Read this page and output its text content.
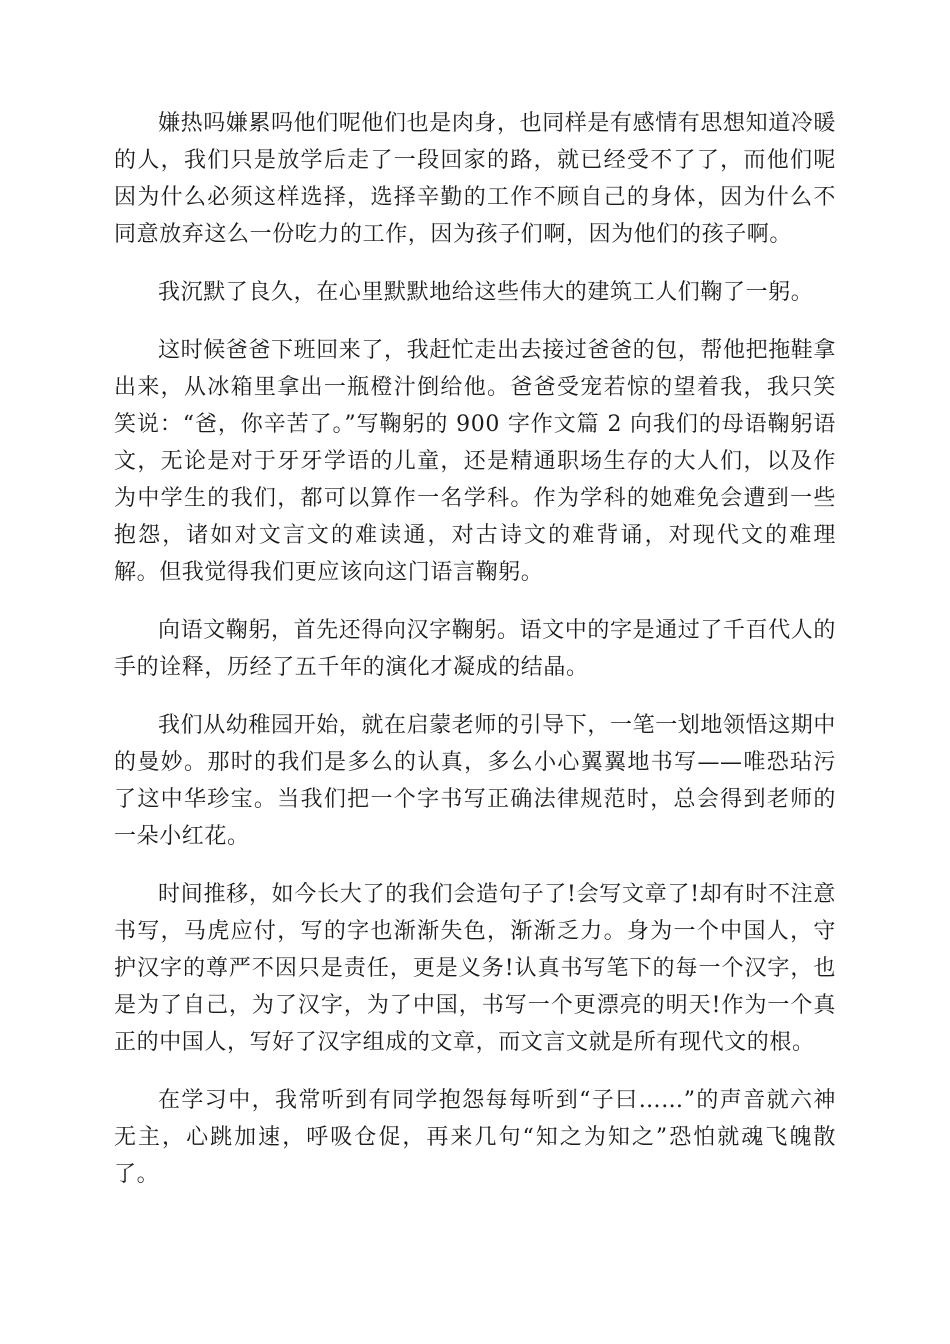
嫌热吗嫌累吗他们呢他们也是肉身，也同样是有感情有思想知道冷暖的人，我们只是放学后走了一段回家的路，就已经受不了了，而他们呢因为什么必须这样选择，选择辛勤的工作不顾自己的身体，因为什么不同意放弃这么一份吃力的工作，因为孩子们啊，因为他们的孩子啊。

我沉默了良久，在心里默默地给这些伟大的建筑工人们鞠了一躬。

这时候爸爸下班回来了，我赶忙走出去接过爸爸的包，帮他把拖鞋拿出来，从冰箱里拿出一瓶橙汁倒给他。爸爸受宠若惊的望着我，我只笑笑说：“爸，你辛苦了。”写鞠躬的 900 字作文篇 2 向我们的母语鞠躬语文，无论是对于牙牙学语的儿童，还是精通职场生存的大人们，以及作为中学生的我们，都可以算作一名学科。作为学科的她难免会遭到一些抱怨，诸如对文言文的难读通，对古诗文的难背诵，对现代文的难理解。但我觉得我们更应该向这门语言鞠躬。

向语文鞠躬，首先还得向汉字鞠躬。语文中的字是通过了千百代人的手的诠释，历经了五千年的演化才凝成的结晶。

我们从幼稚园开始，就在启蒙老师的引导下，一笔一划地领悟这期中的曼妙。那时的我们是多么的认真，多么小心翼翼地书写——唯恐玷污了这中华珍宝。当我们把一个字书写正确法律规范时，总会得到老师的一朵小红花。

时间推移，如今长大了的我们会造句子了!会写文章了!却有时不注意书写，马虎应付，写的字也渐渐失色，渐渐乏力。身为一个中国人，守护汉字的尊严不因只是责任，更是义务!认真书写笔下的每一个汉字，也是为了自己，为了汉字，为了中国，书写一个更漂亮的明天!作为一个真正的中国人，写好了汉字组成的文章，而文言文就是所有现代文的根。

在学习中，我常听到有同学抱怨每每听到“子曰……”的声音就六神无主，心跳加速，呼吸仓促，再来几句“知之为知之”恐怕就魂飞魄散了。
